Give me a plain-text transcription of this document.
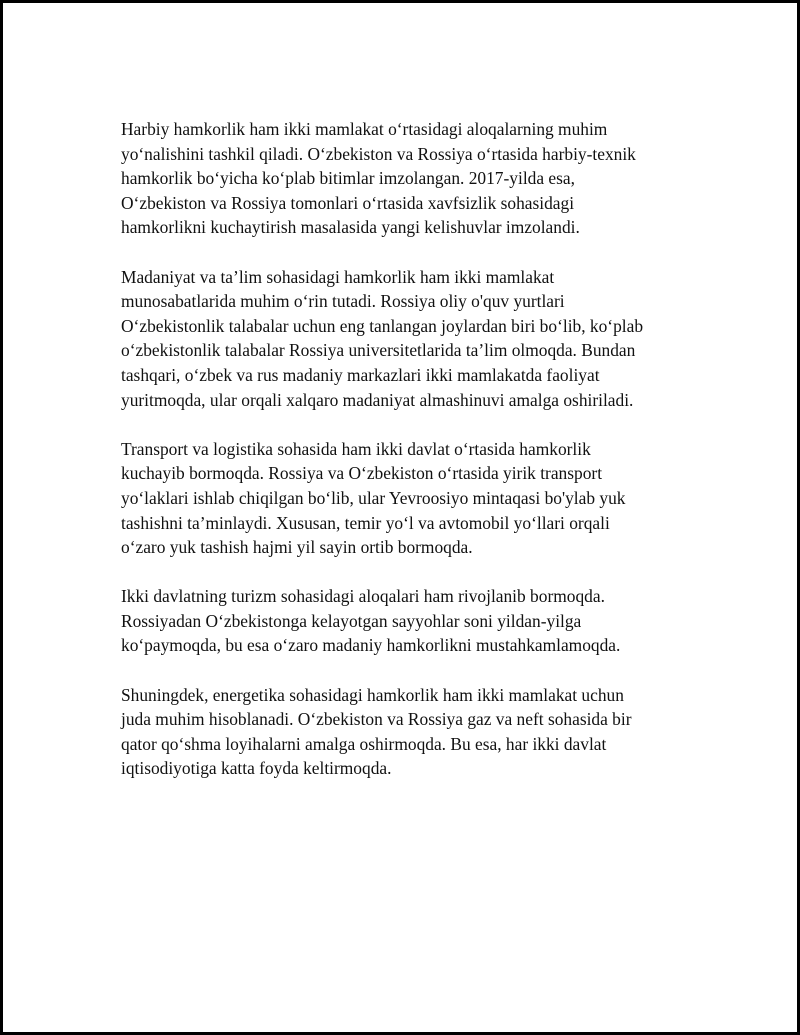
Harbiy hamkorlik ham ikki mamlakat oʻrtasidagi aloqalarning muhim
yoʻnalishini tashkil qiladi. Oʻzbekiston va Rossiya oʻrtasida harbiy-texnik
hamkorlik boʻyicha koʻplab bitimlar imzolangan. 2017-yilda esa,
Oʻzbekiston va Rossiya tomonlari oʻrtasida xavfsizlik sohasidagi
hamkorlikni kuchaytirish masalasida yangi kelishuvlar imzolandi.

Madaniyat va taʼlim sohasidagi hamkorlik ham ikki mamlakat
munosabatlarida muhim oʻrin tutadi. Rossiya oliy o'quv yurtlari
Oʻzbekistonlik talabalar uchun eng tanlangan joylardan biri boʻlib, koʻplab
oʻzbekistonlik talabalar Rossiya universitetlarida taʼlim olmoqda. Bundan
tashqari, oʻzbek va rus madaniy markazlari ikki mamlakatda faoliyat
yuritmoqda, ular orqali xalqaro madaniyat almashinuvi amalga oshiriladi.

Transport va logistika sohasida ham ikki davlat oʻrtasida hamkorlik
kuchayib bormoqda. Rossiya va Oʻzbekiston oʻrtasida yirik transport
yoʻlaklari ishlab chiqilgan boʻlib, ular Yevroosiyo mintaqasi bo'ylab yuk
tashishni taʼminlaydi. Xususan, temir yoʻl va avtomobil yoʻllari orqali
oʻzaro yuk tashish hajmi yil sayin ortib bormoqda.

Ikki davlatning turizm sohasidagi aloqalari ham rivojlanib bormoqda.
Rossiyadan Oʻzbekistonga kelayotgan sayyohlar soni yildan-yilga
koʻpaymoqda, bu esa oʻzaro madaniy hamkorlikni mustahkamlamoqda.

Shuningdek, energetika sohasidagi hamkorlik ham ikki mamlakat uchun
juda muhim hisoblanadi. Oʻzbekiston va Rossiya gaz va neft sohasida bir
qator qoʻshma loyihalarni amalga oshirmoqda. Bu esa, har ikki davlat
iqtisodiyotiga katta foyda keltirmoqda.
